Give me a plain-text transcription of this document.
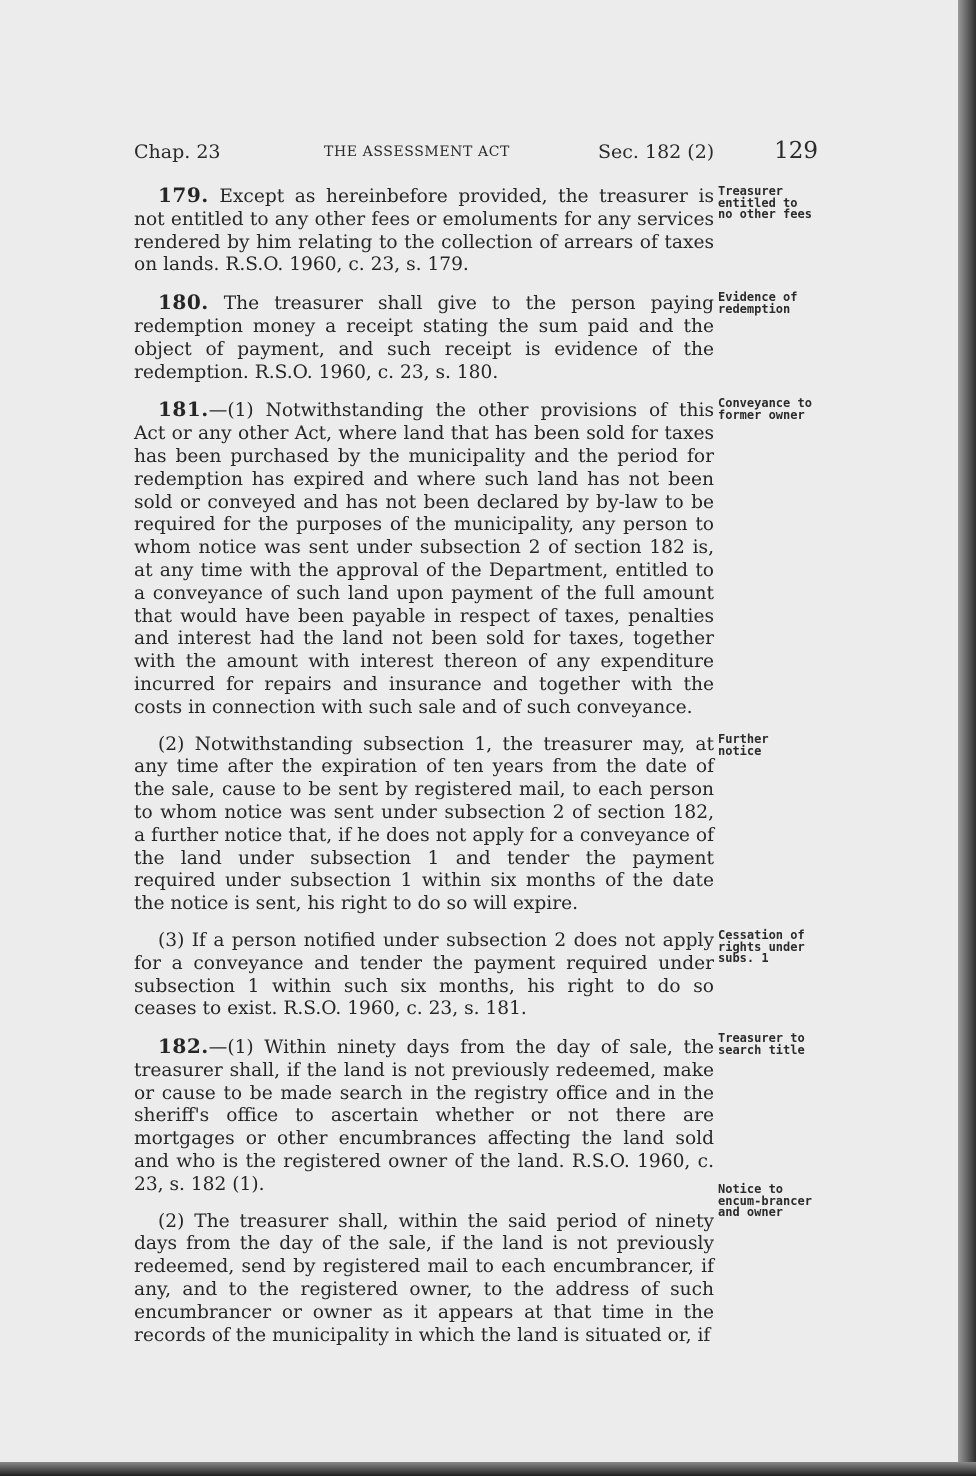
Chap. 23	THE ASSESSMENT ACT	Sec. 182 (2)	129

179. Except as hereinbefore provided, the treasurer is not entitled to any other fees or emoluments for any services rendered by him relating to the collection of arrears of taxes on lands. R.S.O. 1960, c. 23, s. 179.

180. The treasurer shall give to the person paying redemption money a receipt stating the sum paid and the object of payment, and such receipt is evidence of the redemption. R.S.O. 1960, c. 23, s. 180.

181.—(1) Notwithstanding the other provisions of this Act or any other Act, where land that has been sold for taxes has been purchased by the municipality and the period for redemption has expired and where such land has not been sold or conveyed and has not been declared by by-law to be required for the purposes of the municipality, any person to whom notice was sent under subsection 2 of section 182 is, at any time with the approval of the Department, entitled to a conveyance of such land upon payment of the full amount that would have been payable in respect of taxes, penalties and interest had the land not been sold for taxes, together with the amount with interest thereon of any expenditure incurred for repairs and insurance and together with the costs in connection with such sale and of such conveyance.

(2) Notwithstanding subsection 1, the treasurer may, at any time after the expiration of ten years from the date of the sale, cause to be sent by registered mail, to each person to whom notice was sent under subsection 2 of section 182, a further notice that, if he does not apply for a conveyance of the land under subsection 1 and tender the payment required under subsection 1 within six months of the date the notice is sent, his right to do so will expire.

(3) If a person notified under subsection 2 does not apply for a conveyance and tender the payment required under subsection 1 within such six months, his right to do so ceases to exist. R.S.O. 1960, c. 23, s. 181.

182.—(1) Within ninety days from the day of sale, the treasurer shall, if the land is not previously redeemed, make or cause to be made search in the registry office and in the sheriff's office to ascertain whether or not there are mortgages or other encumbrances affecting the land sold and who is the registered owner of the land. R.S.O. 1960, c. 23, s. 182 (1).

(2) The treasurer shall, within the said period of ninety days from the day of the sale, if the land is not previously redeemed, send by registered mail to each encumbrancer, if any, and to the registered owner, to the address of such encumbrancer or owner as it appears at that time in the records of the municipality in which the land is situated or, if

Treasurer entitled to no other fees
Evidence of redemption
Conveyance to former owner
Further notice
Cessation of rights under subs. 1
Treasurer to search title
Notice to encum-brancer and owner
